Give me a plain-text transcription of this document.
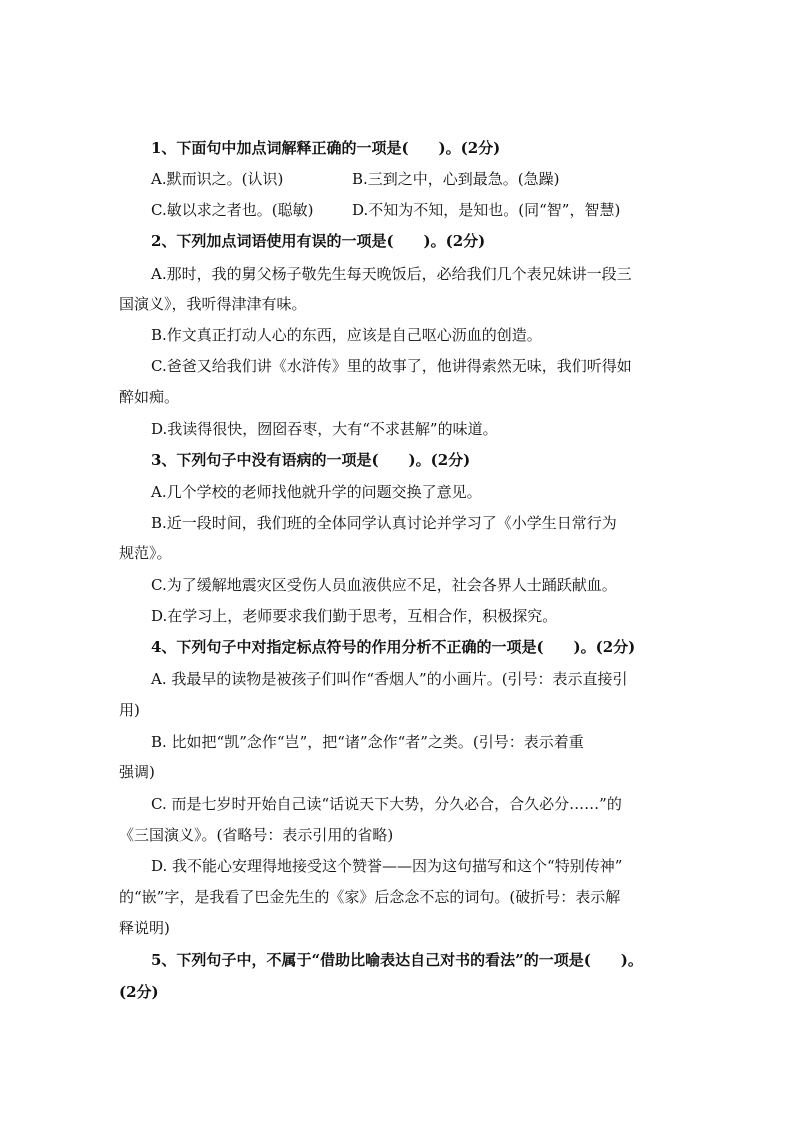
1、下面句中加点词解释正确的一项是(　　)。(2分)
A.默而识之。(认识)	B.三到之中，心到最急。(急躁)
C.敏以求之者也。(聪敏)	D.不知为不知，是知也。(同“智”，智慧)
2、下列加点词语使用有误的一项是(　　)。(2分)
A.那时，我的舅父杨子敬先生每天晚饭后，必给我们几个表兄妹讲一段三
国演义》，我听得津津有味。
B.作文真正打动人心的东西，应该是自己呕心沥血的创造。
C.爸爸又给我们讲《水浒传》里的故事了，他讲得索然无味，我们听得如
醉如痴。
D.我读得很快，囫囵吞枣，大有“不求甚解”的味道。
3、下列句子中没有语病的一项是(　　)。(2分)
A.几个学校的老师找他就升学的问题交换了意见。
B.近一段时间，我们班的全体同学认真讨论并学习了《小学生日常行为
规范》。
C.为了缓解地震灾区受伤人员血液供应不足，社会各界人士踊跃献血。
D.在学习上，老师要求我们勤于思考，互相合作，积极探究。
4、下列句子中对指定标点符号的作用分析不正确的一项是(　　)。(2分)
A. 我最早的读物是被孩子们叫作“香烟人”的小画片。(引号：表示直接引
用)
B. 比如把“凯”念作“岂”，把“诸”念作“者”之类。(引号：表示着重
强调)
C. 而是七岁时开始自己读“话说天下大势，分久必合，合久必分……”的
《三国演义》。(省略号：表示引用的省略)
D. 我不能心安理得地接受这个赞誉——因为这句描写和这个“特别传神”
的“嵌”字，是我看了巴金先生的《家》后念念不忘的词句。(破折号：表示解
释说明)
5、下列句子中，不属于“借助比喻表达自己对书的看法”的一项是(　　)。
(2分)
